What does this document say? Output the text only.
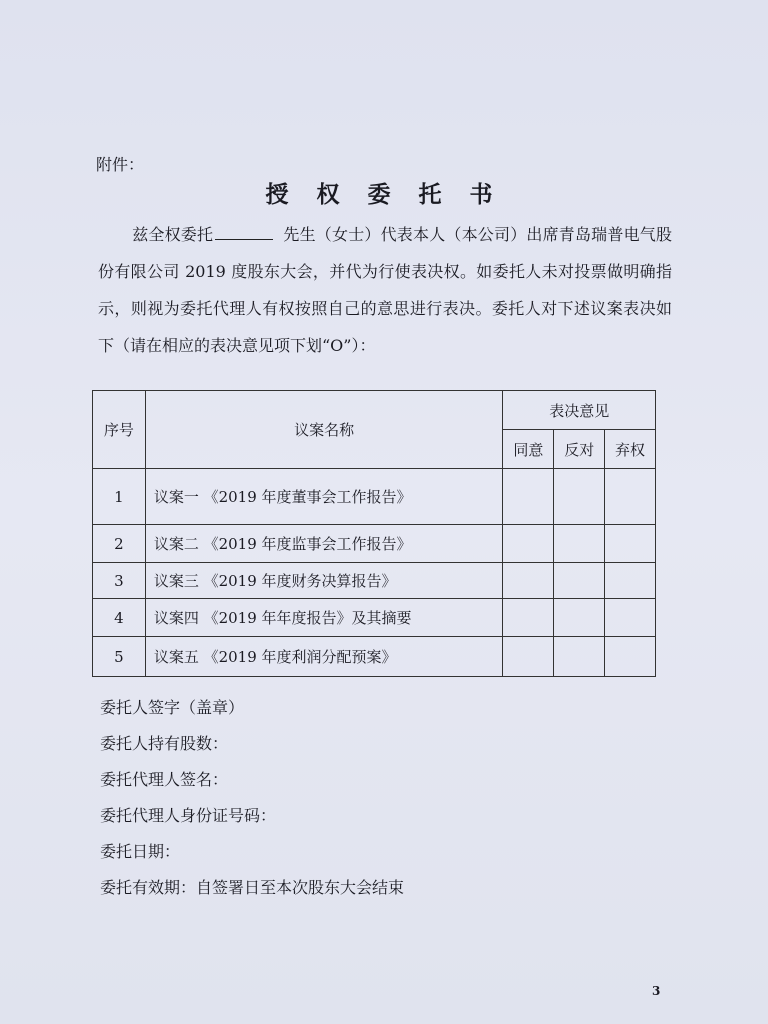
附件：
授 权 委 托 书
兹全权委托	先生（女士）代表本人（本公司）出席青岛瑞普电气股份有限公司 2019 度股东大会，并代为行使表决权。如委托人未对投票做明确指示，则视为委托代理人有权按照自己的意思进行表决。委托人对下述议案表决如下（请在相应的表决意见项下划“O”）：
序号	议案名称	表决意见		
		同意	反对	弃权
1	议案一 《2019 年度董事会工作报告》			
2	议案二 《2019 年度监事会工作报告》			
3	议案三 《2019 年度财务决算报告》			
4	议案四 《2019 年年度报告》及其摘要			
5	议案五 《2019 年度利润分配预案》			
委托人签字（盖章）
委托人持有股数：
委托代理人签名：
委托代理人身份证号码：
委托日期：
委托有效期：自签署日至本次股东大会结束
3
